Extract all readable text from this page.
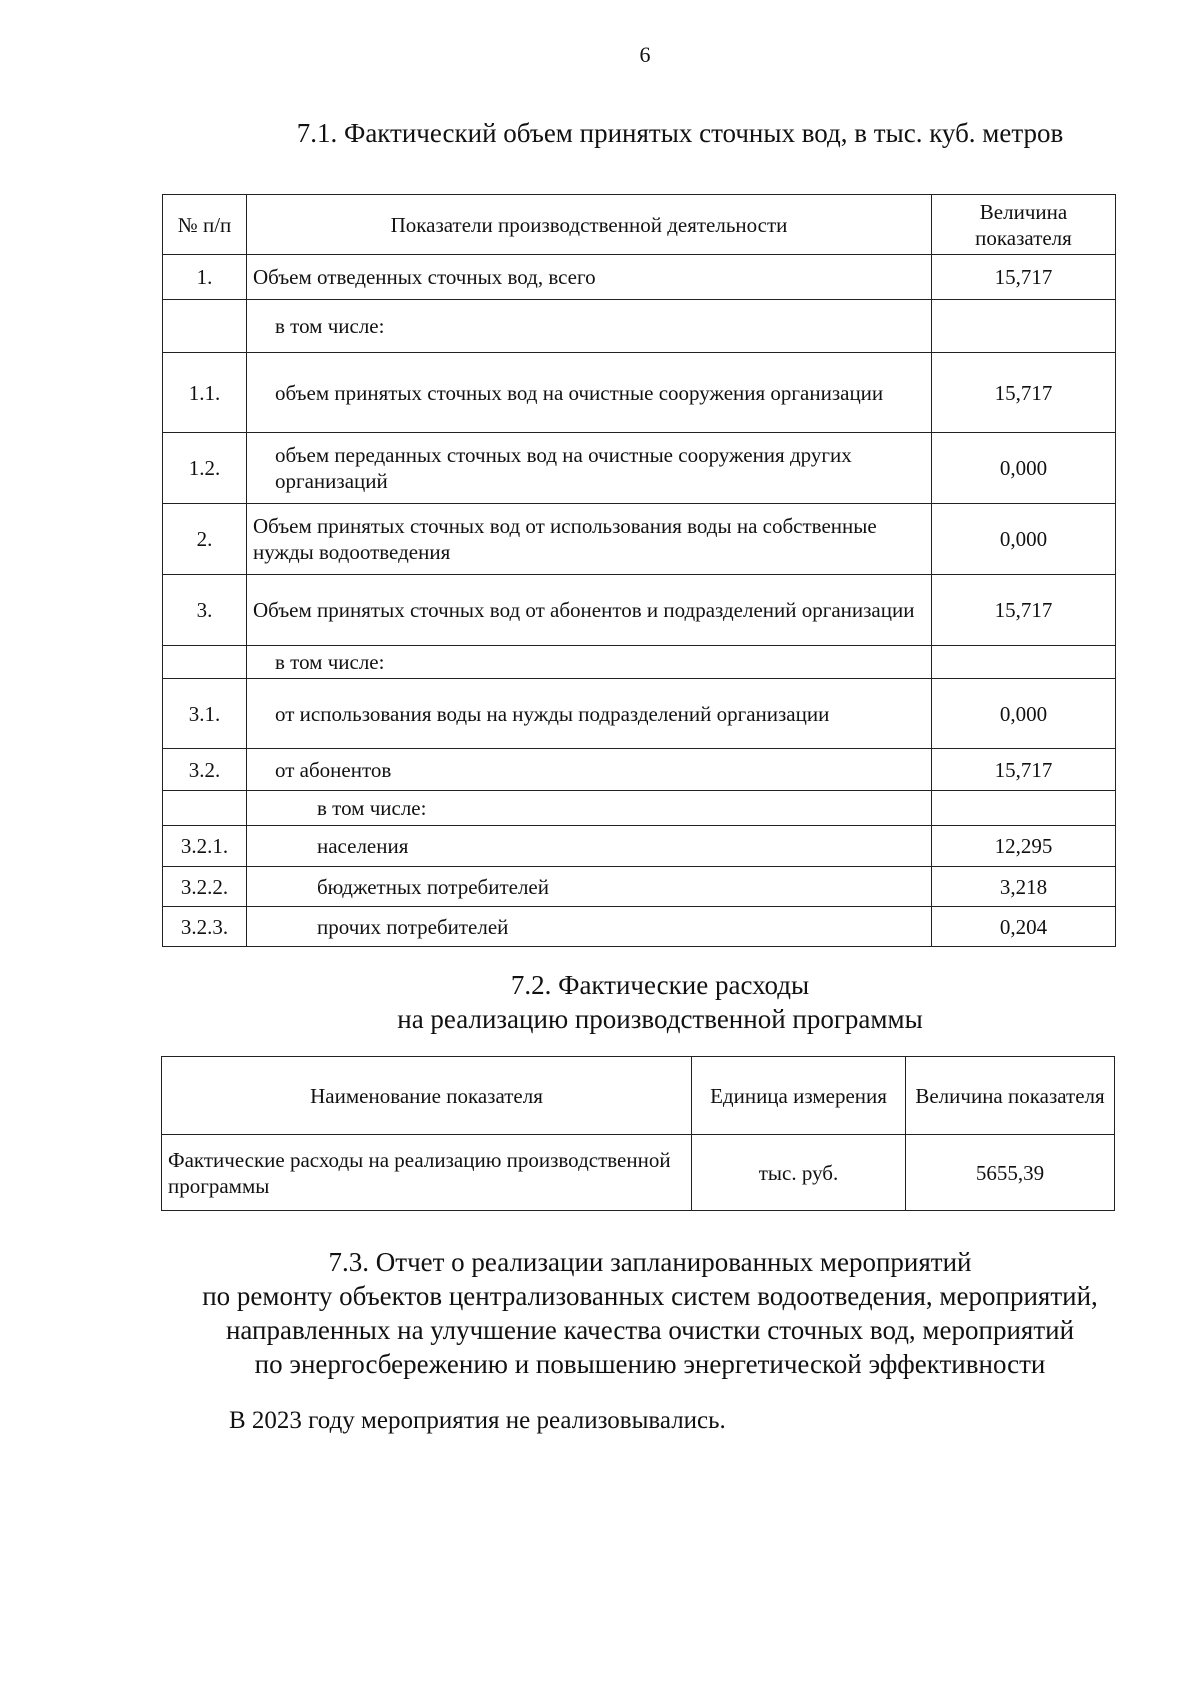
6
7.1. Фактический объем принятых сточных вод, в тыс. куб. метров
№ п/п	Показатели производственной деятельности	Величина показателя
1.	Объем отведенных сточных вод, всего	15,717
	в том числе:	
1.1.	объем принятых сточных вод на очистные сооружения организации	15,717
1.2.	объем переданных сточных вод на очистные сооружения других организаций	0,000
2.	Объем принятых сточных вод от использования воды на собственные нужды водоотведения	0,000
3.	Объем принятых сточных вод от абонентов и подразделений организации	15,717
	в том числе:	
3.1.	от использования воды на нужды подразделений организации	0,000
3.2.	от абонентов	15,717
	в том числе:	
3.2.1.	населения	12,295
3.2.2.	бюджетных потребителей	3,218
3.2.3.	прочих потребителей	0,204
7.2. Фактические расходы
на реализацию производственной программы
Наименование показателя	Единица измерения	Величина показателя
Фактические расходы на реализацию производственной программы	тыс. руб.	5655,39
7.3. Отчет о реализации запланированных мероприятий
по ремонту объектов централизованных систем водоотведения, мероприятий,
направленных на улучшение качества очистки сточных вод, мероприятий
по энергосбережению и повышению энергетической эффективности
В 2023 году мероприятия не реализовывались.
